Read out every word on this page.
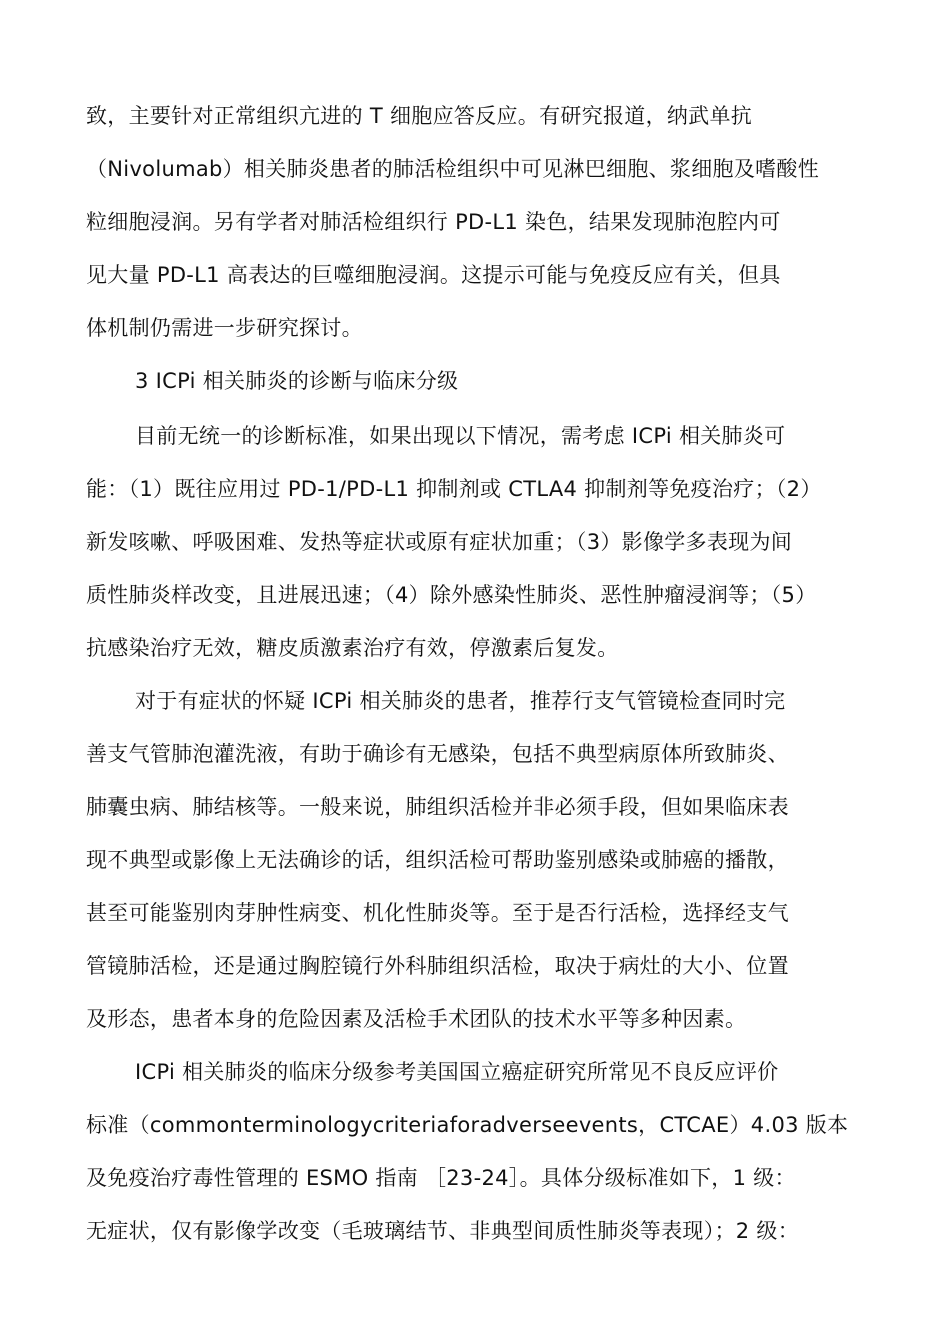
致，主要针对正常组织亢进的 T 细胞应答反应。有研究报道，纳武单抗
（Nivolumab）相关肺炎患者的肺活检组织中可见淋巴细胞、浆细胞及嗜酸性
粒细胞浸润。另有学者对肺活检组织行 PD-L1 染色，结果发现肺泡腔内可
见大量 PD-L1 高表达的巨噬细胞浸润。这提示可能与免疫反应有关，但具
体机制仍需进一步研究探讨。
3 ICPi 相关肺炎的诊断与临床分级
目前无统一的诊断标准，如果出现以下情况，需考虑 ICPi 相关肺炎可
能：（1）既往应用过 PD-1/PD-L1 抑制剂或 CTLA4 抑制剂等免疫治疗；（2）
新发咳嗽、呼吸困难、发热等症状或原有症状加重；（3）影像学多表现为间
质性肺炎样改变，且进展迅速；（4）除外感染性肺炎、恶性肿瘤浸润等；（5）
抗感染治疗无效，糖皮质激素治疗有效，停激素后复发。
对于有症状的怀疑 ICPi 相关肺炎的患者，推荐行支气管镜检查同时完
善支气管肺泡灌洗液，有助于确诊有无感染，包括不典型病原体所致肺炎、
肺囊虫病、肺结核等。一般来说，肺组织活检并非必须手段，但如果临床表
现不典型或影像上无法确诊的话，组织活检可帮助鉴别感染或肺癌的播散，
甚至可能鉴别肉芽肿性病变、机化性肺炎等。至于是否行活检，选择经支气
管镜肺活检，还是通过胸腔镜行外科肺组织活检，取决于病灶的大小、位置
及形态，患者本身的危险因素及活检手术团队的技术水平等多种因素。
ICPi 相关肺炎的临床分级参考美国国立癌症研究所常见不良反应评价
标准（commonterminologycriteriaforadverseevents，CTCAE）4.03 版本
及免疫治疗毒性管理的 ESMO 指南 ［23-24］。具体分级标准如下，1 级：
无症状，仅有影像学改变（毛玻璃结节、非典型间质性肺炎等表现）；2 级：
